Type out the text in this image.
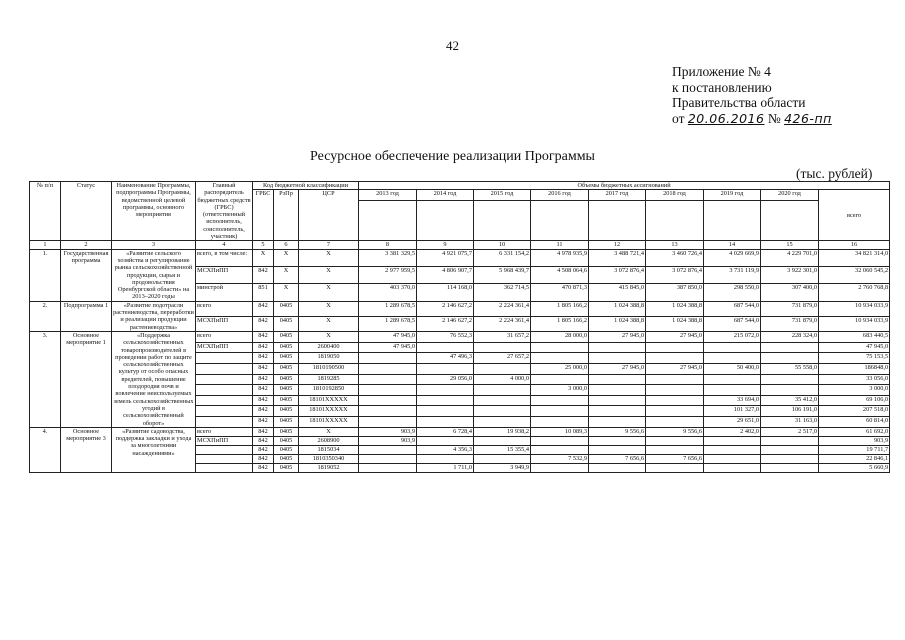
42
Приложение № 4
к постановлению
Правительства области
от 20.06.2016 № 426-пп
Ресурсное обеспечение реализации Программы
(тыс. рублей)
№ п/п	Статус	Наименование Программы, подпрограммы Программы, ведомственной целевой программы, основного мероприятия	Главный распорядитель бюджетных средств (ГРБС) (ответственный исполнитель, соисполнитель, участник)	Код бюджетной классификации			Объемы бюджетных ассигнований								
				ГРБС	РзПр	ЦСР	2013 год	2014 год	2015 год	2016 год	2017 год	2018 год	2019 год	2020 год	всего

1	2	3	4	5	6	7	8	9	10	11	12	13	14	15	16
1.	Государственная программа	«Развитие сельского хозяйства и регулирование рынка сельскохозяйственной продукции, сырья и продовольствия Оренбургской области» на 2013–2020 годы	всего, в том числе:	X	X	X	3 381 329,5	4 921 075,7	6 331 154,2	4 978 935,9	3 488 721,4	3 460 726,4	4 029 669,9	4 229 701,0	34 821 314,0
			МСХПиПП	842	X	X	2 977 959,5	4 806 907,7	5 968 439,7	4 508 064,6	3 072 876,4	3 072 876,4	3 731 119,9	3 922 301,0	32 060 545,2
			минстрой	851	X	X	403 370,0	114 168,0	362 714,5	470 871,3	415 845,0	387 850,0	298 550,0	307 400,0	2 760 768,8
2.	Подпрограмма 1	«Развитие подотрасли растениеводства, переработки и реализации продукции растениеводства»	всего	842	0405	X	1 289 678,5	2 146 627,2	2 224 361,4	1 805 166,2	1 024 388,8	1 024 388,8	687 544,0	731 879,0	10 934 033,9
			МСХПиПП	842	0405	X	1 289 678,5	2 146 627,2	2 224 361,4	1 805 166,2	1 024 388,8	1 024 388,8	687 544,0	731 879,0	10 934 033,9
3.	Основное мероприятие 1	«Поддержка сельскохозяйственных товаропроизводителей в проведении работ по защите сельскохозяйственных культур от особо опасных вредителей, повышение плодородия почв и вовлечение неиспользуемых земель сельскохозяйственных угодий в сельскохозяйственный оборот»	всего	842	0405	X	47 945,0	76 552,3	31 657,2	28 000,0	27 945,0	27 945,0	215 072,0	228 324,0	683 440,5
			МСХПиПП	842	0405	2600400	47 945,0								47 945,0
				842	0405	1819050		47 496,3	27 657,2						75 153,5
				842	0405	1810190500				25 000,0	27 945,0	27 945,0	50 400,0	55 558,0	186848,0
				842	0405	1819285		29 056,0	4 000,0						33 056,0
				842	0405	1810192850				3 000,0					3 000,0
				842	0405	18101XXXXX							33 694,0	35 412,0	69 106,0
				842	0405	18101XXXXX							101 327,0	106 191,0	207 518,0
				842	0405	18101XXXXX							29 651,0	31 163,0	60 814,0
4.	Основное мероприятие 3	«Развитие садоводства, поддержка закладки и ухода за многолетними насаждениями»	всего	842	0405	X	903,9	6 728,4	19 938,2	10 089,3	9 556,6	9 556,6	2 402,0	2 517,0	61 692,0
			МСХПиПП	842	0405	2608900	903,9								903,9
				842	0405	1815034		4 356,3	15 355,4						19 711,7
				842	0405	1810350340				7 532,9	7 656,6	7 656,6			22 846,1
				842	0405	1819052		1 711,0	3 949,9						5 660,9
